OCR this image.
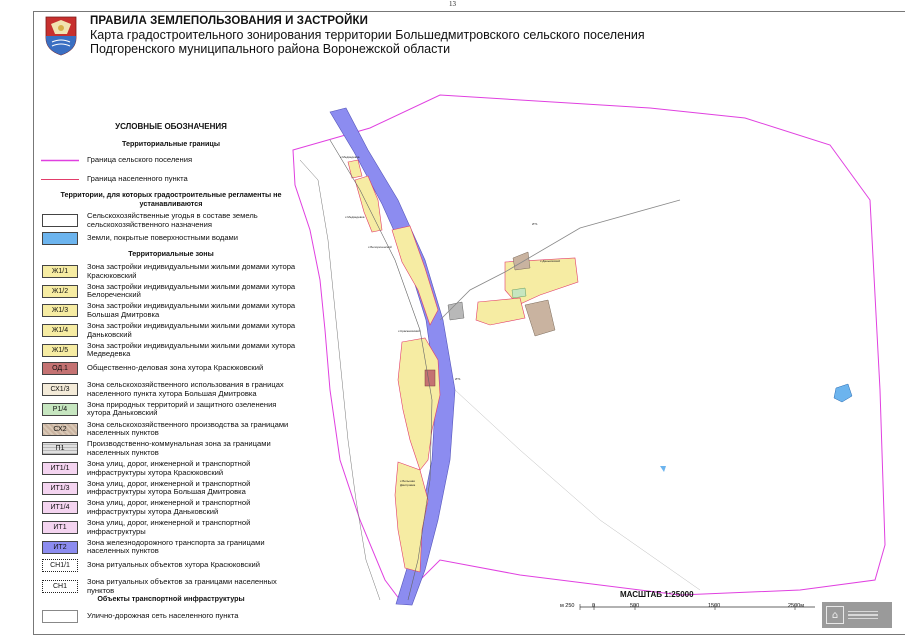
13
ПРАВИЛА ЗЕМЛЕПОЛЬЗОВАНИЯ И ЗАСТРОЙКИ
Карта градостроительного зонирования территории Большедмитровского сельского поселения
Подгоренского муниципального района Воронежской области
х.Медведевка
х.Медведевка
х.Белореченский
х.Красюковский
х.Большая
Дмитровка
х.Даньковский
ИТ1
ИТ1
УСЛОВНЫЕ ОБОЗНАЧЕНИЯ
Территориальные границы
Граница сельского поселения
Граница населенного пункта
Территории, для которых градостроительные регламенты не устанавливаются
Сельскохозяйственные угодья в составе земель сельскохозяйственного назначения
Земли, покрытые поверхностными водами
Территориальные зоны
Ж1/1
Зона застройки индивидуальными жилыми домами хутора Красюковский
Ж1/2
Зона застройки индивидуальными жилыми домами хутора Белореченский
Ж1/3
Зона застройки индивидуальными жилыми домами хутора Большая Дмитровка
Ж1/4
Зона застройки индивидуальными жилыми домами хутора Даньковский
Ж1/5
Зона застройки индивидуальными жилыми домами хутора Медведевка
ОД.1	Общественно-деловая зона хутора Красюковский
СХ1/3
Зона сельскохозяйственного использования в границах населенного пункта хутора Большая Дмитровка
Р1/4
Зона природных территорий и защитного озеленения хутора Даньковский
СХ2
Зона сельскохозяйственного производства за границами населенных пунктов
П1
Производственно-коммунальная зона за границами населенных пунктов
ИТ1/1
Зона улиц, дорог, инженерной и транспортной инфраструктуры хутора Красюковский
ИТ1/3
Зона улиц, дорог, инженерной и транспортной инфраструктуры хутора Большая Дмитровка
ИТ1/4
Зона улиц, дорог, инженерной и транспортной инфраструктуры хутора Даньковский
ИТ1
Зона улиц, дорог, инженерной и транспортной инфраструктуры
ИТ2
Зона железнодорожного транспорта за границами населенных пунктов
СН1/1	Зона ритуальных объектов хутора Красюковский
СН1
Зона ритуальных объектов за границами населенных пунктов
Объекты транспортной инфраструктуры
Улично-дорожная сеть населенного пункта
МАСШТАБ 1:25000
м 250	0	500	1500	2500м
⌂
